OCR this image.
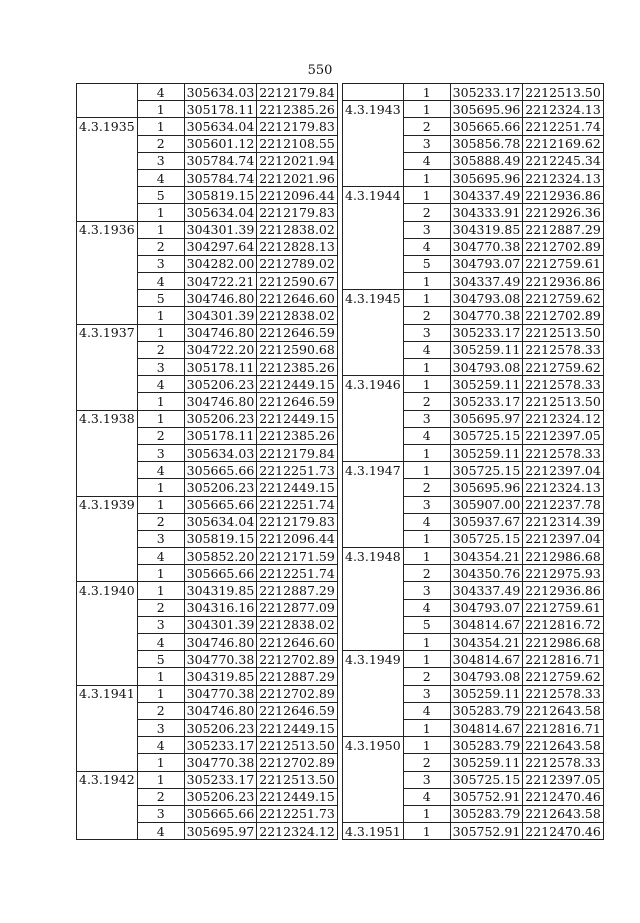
550
	4	305634.03	2212179.84
	1	305178.11	2212385.26
4.3.1935	1	305634.04	2212179.83
	2	305601.12	2212108.55
	3	305784.74	2212021.94
	4	305784.74	2212021.96
	5	305819.15	2212096.44
	1	305634.04	2212179.83
4.3.1936	1	304301.39	2212838.02
	2	304297.64	2212828.13
	3	304282.00	2212789.02
	4	304722.21	2212590.67
	5	304746.80	2212646.60
	1	304301.39	2212838.02
4.3.1937	1	304746.80	2212646.59
	2	304722.20	2212590.68
	3	305178.11	2212385.26
	4	305206.23	2212449.15
	1	304746.80	2212646.59
4.3.1938	1	305206.23	2212449.15
	2	305178.11	2212385.26
	3	305634.03	2212179.84
	4	305665.66	2212251.73
	1	305206.23	2212449.15
4.3.1939	1	305665.66	2212251.74
	2	305634.04	2212179.83
	3	305819.15	2212096.44
	4	305852.20	2212171.59
	1	305665.66	2212251.74
4.3.1940	1	304319.85	2212887.29
	2	304316.16	2212877.09
	3	304301.39	2212838.02
	4	304746.80	2212646.60
	5	304770.38	2212702.89
	1	304319.85	2212887.29
4.3.1941	1	304770.38	2212702.89
	2	304746.80	2212646.59
	3	305206.23	2212449.15
	4	305233.17	2212513.50
	1	304770.38	2212702.89
4.3.1942	1	305233.17	2212513.50
	2	305206.23	2212449.15
	3	305665.66	2212251.73
	4	305695.97	2212324.12
	1	305233.17	2212513.50
4.3.1943	1	305695.96	2212324.13
	2	305665.66	2212251.74
	3	305856.78	2212169.62
	4	305888.49	2212245.34
	1	305695.96	2212324.13
4.3.1944	1	304337.49	2212936.86
	2	304333.91	2212926.36
	3	304319.85	2212887.29
	4	304770.38	2212702.89
	5	304793.07	2212759.61
	1	304337.49	2212936.86
4.3.1945	1	304793.08	2212759.62
	2	304770.38	2212702.89
	3	305233.17	2212513.50
	4	305259.11	2212578.33
	1	304793.08	2212759.62
4.3.1946	1	305259.11	2212578.33
	2	305233.17	2212513.50
	3	305695.97	2212324.12
	4	305725.15	2212397.05
	1	305259.11	2212578.33
4.3.1947	1	305725.15	2212397.04
	2	305695.96	2212324.13
	3	305907.00	2212237.78
	4	305937.67	2212314.39
	1	305725.15	2212397.04
4.3.1948	1	304354.21	2212986.68
	2	304350.76	2212975.93
	3	304337.49	2212936.86
	4	304793.07	2212759.61
	5	304814.67	2212816.72
	1	304354.21	2212986.68
4.3.1949	1	304814.67	2212816.71
	2	304793.08	2212759.62
	3	305259.11	2212578.33
	4	305283.79	2212643.58
	1	304814.67	2212816.71
4.3.1950	1	305283.79	2212643.58
	2	305259.11	2212578.33
	3	305725.15	2212397.05
	4	305752.91	2212470.46
	1	305283.79	2212643.58
4.3.1951	1	305752.91	2212470.46
